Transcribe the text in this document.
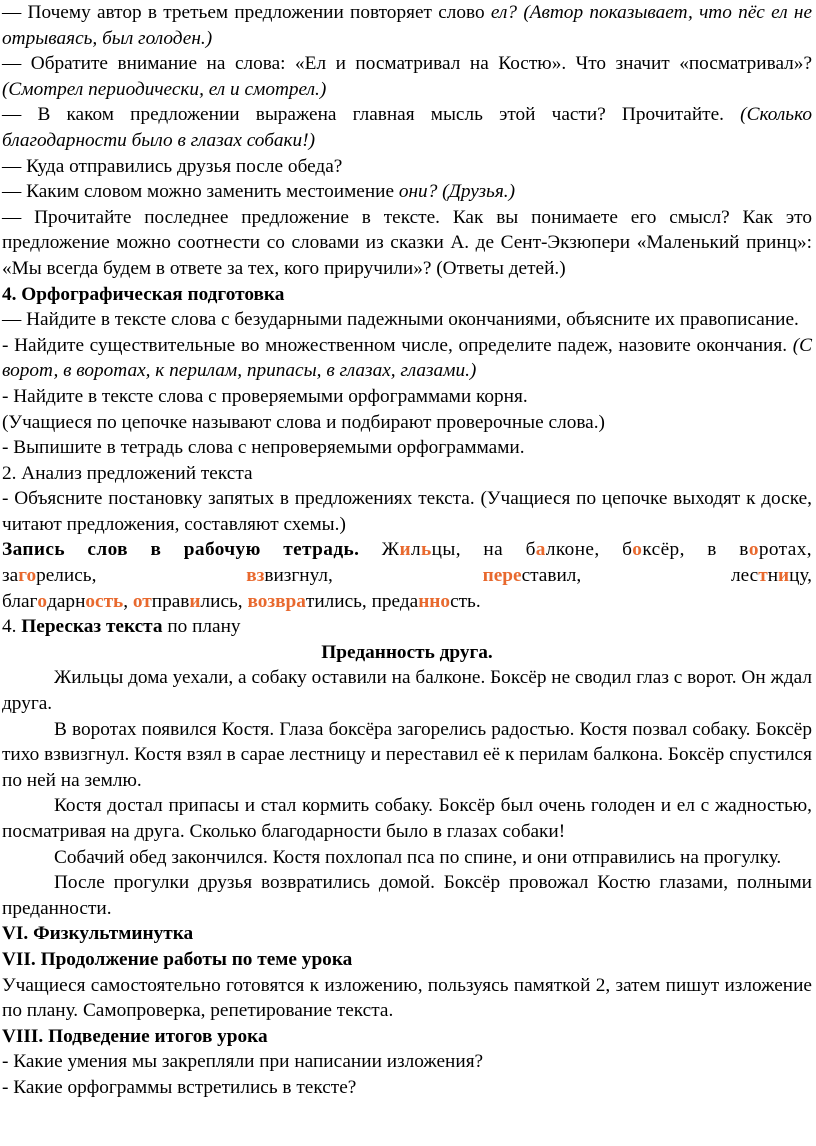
— Почему автор в третьем предложении повторяет слово ел? (Автор показывает, что пёс ел не отрываясь, был голоден.)

— Обратите внимание на слова: «Ел и посматривал на Костю». Что значит «посматривал»? (Смотрел периодически, ел и смотрел.)

— В каком предложении выражена главная мысль этой части? Прочитайте. (Сколько благодарности было в глазах собаки!)

— Куда отправились друзья после обеда?

— Каким словом можно заменить местоимение они? (Друзья.)

— Прочитайте последнее предложение в тексте. Как вы понимаете его смысл? Как это предложение можно соотнести со словами из сказки А. де Сент-Экзюпери «Маленький принц»: «Мы всегда будем в ответе за тех, кого приручили»? (Ответы детей.)

4. Орфографическая подготовка

— Найдите в тексте слова с безударными падежными окончаниями, объясните их правописание.

- Найдите существительные во множественном числе, определите падеж, назовите окончания. (С ворот, в воротах, к перилам, припасы, в глазах, глазами.)

- Найдите в тексте слова с проверяемыми орфограммами корня.

(Учащиеся по цепочке называют слова и подбирают проверочные слова.)

- Выпишите в тетрадь слова с непроверяемыми орфограммами.

2. Анализ предложений текста

- Объясните постановку запятых в предложениях текста. (Учащиеся по цепочке выходят к доске, читают предложения, составляют схемы.)

Запись слов в рабочую тетрадь. Жильцы, на балконе, боксёр, в воротах,

загорелись, взвизгнул, переставил,	лестницу,

благодарность, отправились, возвратились, преданность.

4. Пересказ текста по плану

Преданность друга.

Жильцы дома уехали, а собаку оставили на балконе. Боксёр не сводил глаз с ворот. Он ждал друга.

В воротах появился Костя. Глаза боксёра загорелись радостью. Костя позвал собаку. Боксёр тихо взвизгнул. Костя взял в сарае лестницу и переставил её к перилам балкона. Боксёр спустился по ней на землю.

Костя достал припасы и стал кормить собаку. Боксёр был очень голоден и ел с жадностью, посматривая на друга. Сколько благодарности было в глазах собаки!

Собачий обед закончился. Костя похлопал пса по спине, и они отправились на прогулку.

После прогулки друзья возвратились домой. Боксёр провожал Костю глазами, полными преданности.

VI. Физкультминутка

VII. Продолжение работы по теме урока

Учащиеся самостоятельно готовятся к изложению, пользуясь памяткой 2, затем пишут изложение по плану. Самопроверка, репетирование текста.

VIII. Подведение итогов урока

- Какие умения мы закрепляли при написании изложения?

- Какие орфограммы встретились в тексте?
